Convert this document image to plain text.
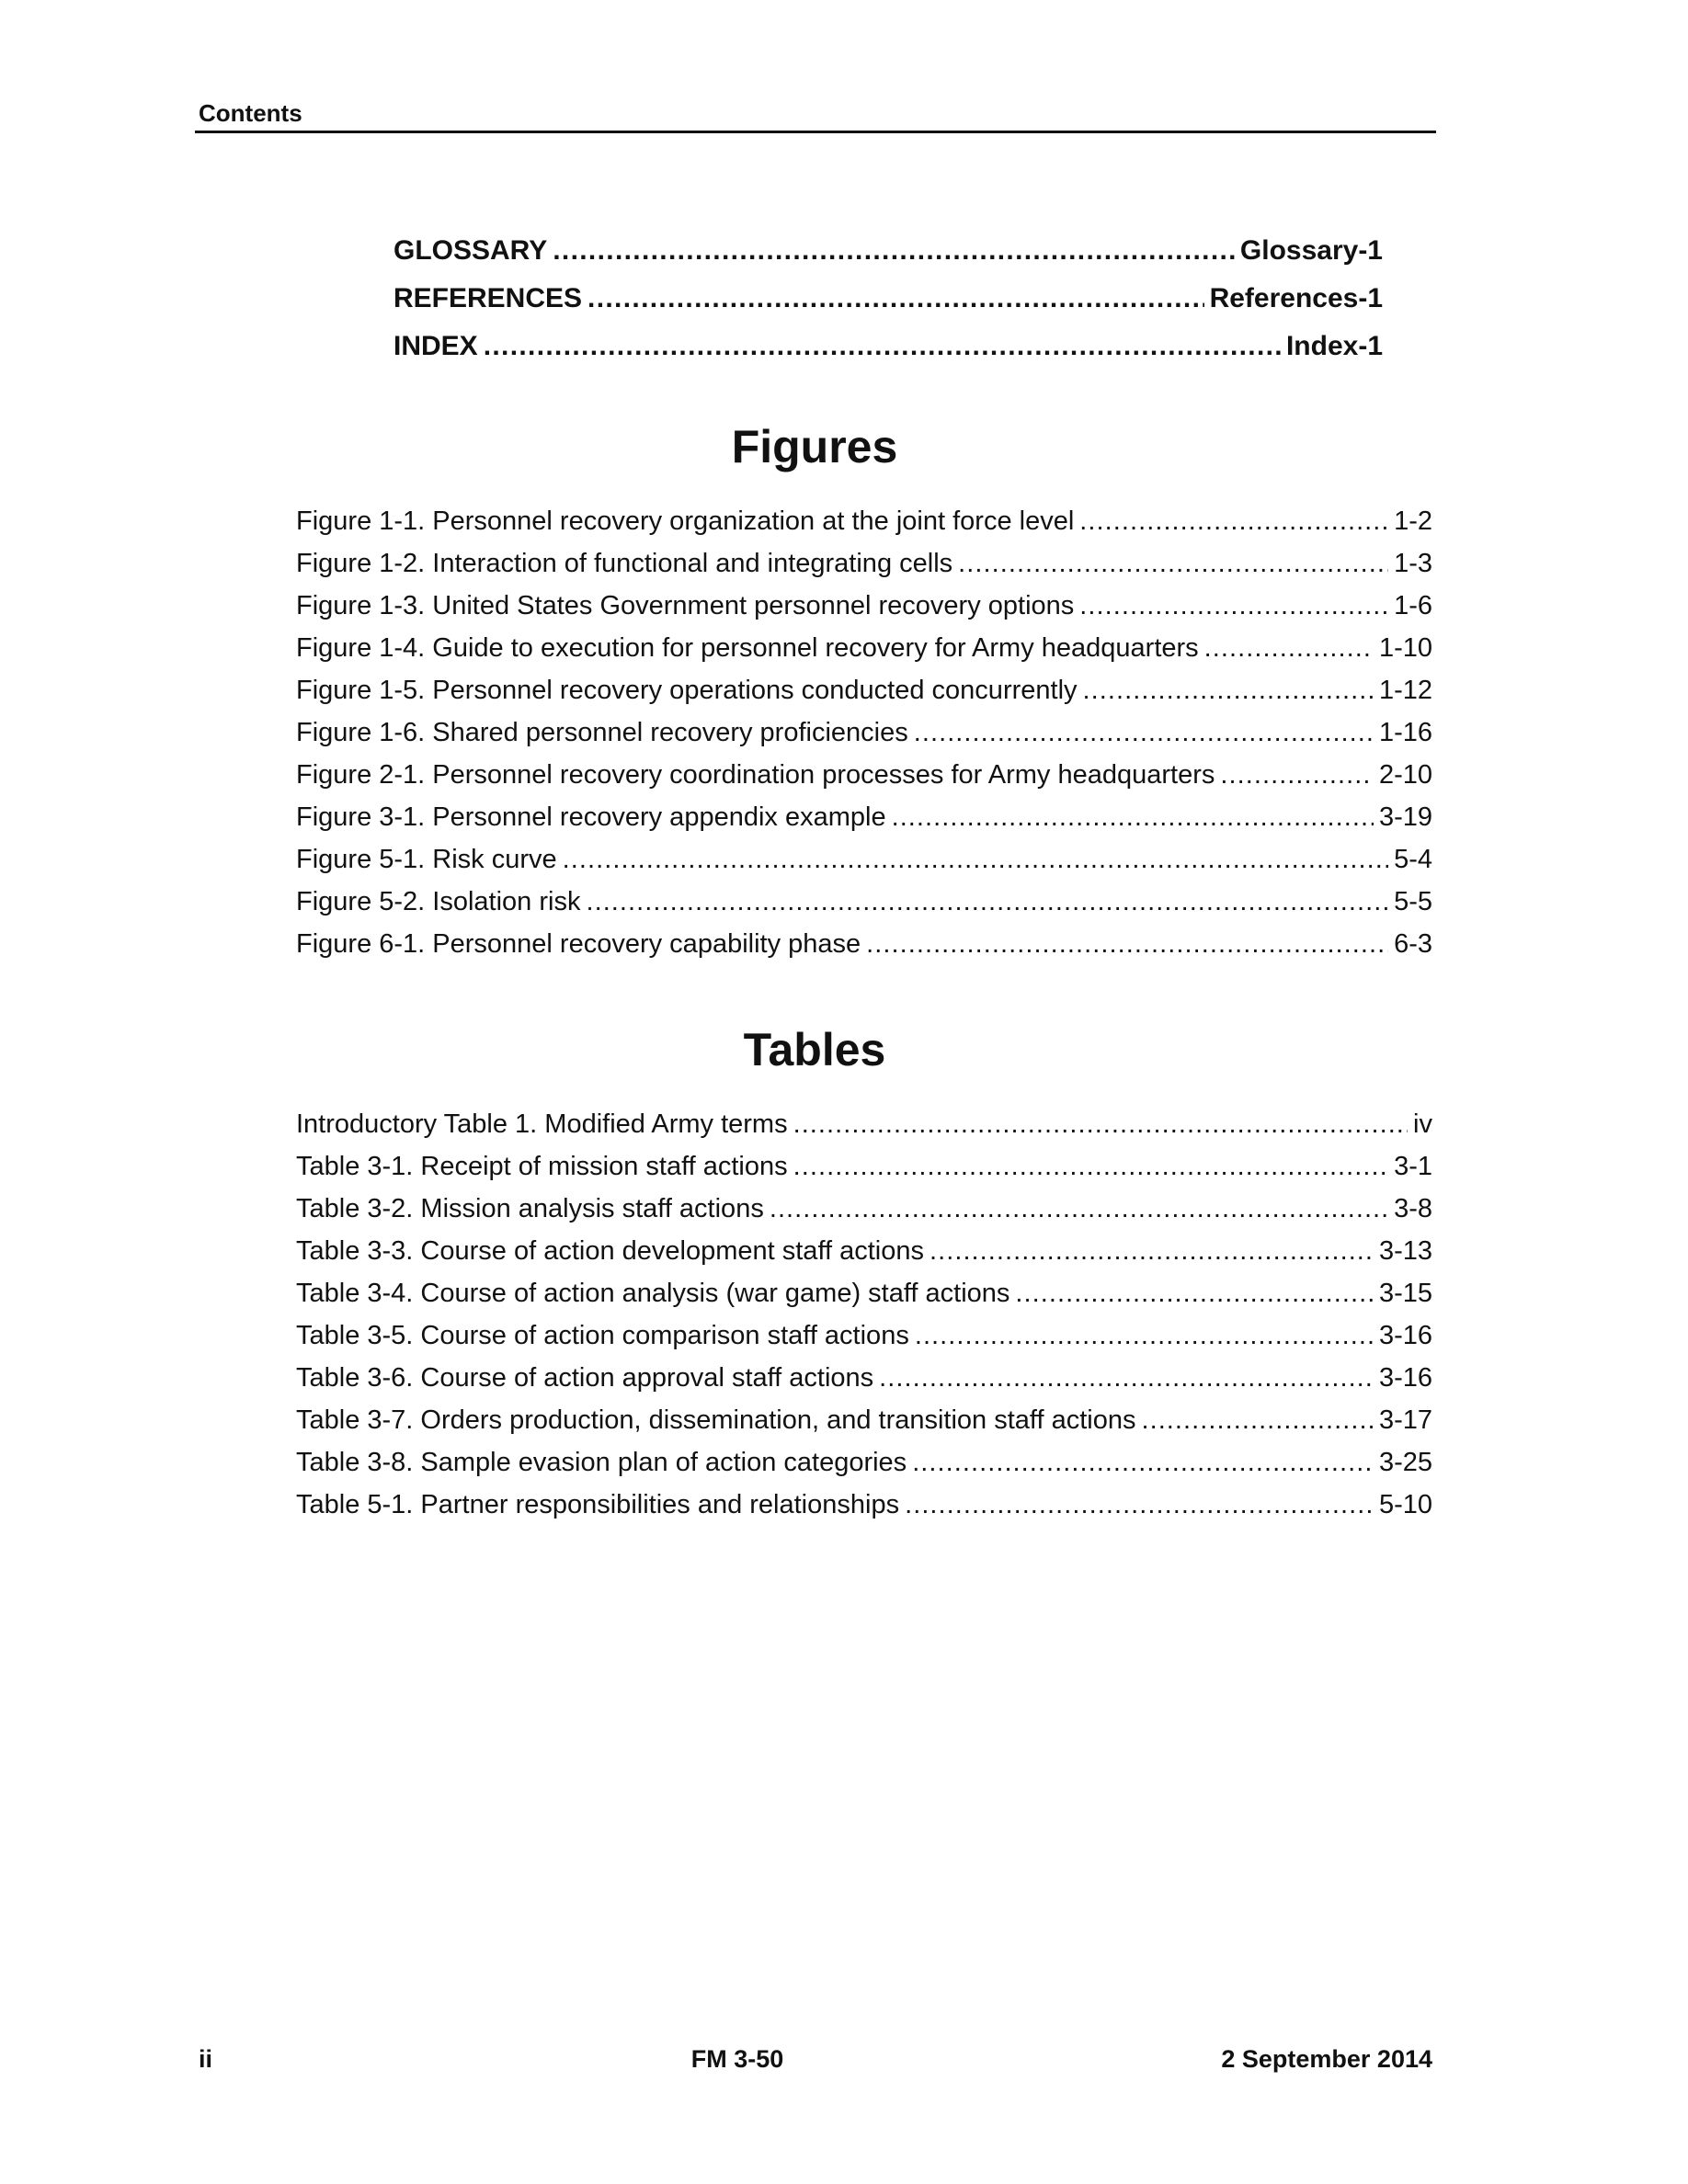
Contents
GLOSSARY . . .	Glossary-1
REFERENCES . . .	References-1
INDEX . . .	Index-1
Figures
Figure 1-1. Personnel recovery organization at the joint force level . . .	1-2
Figure 1-2. Interaction of functional and integrating cells . . .	1-3
Figure 1-3. United States Government personnel recovery options . . .	1-6
Figure 1-4. Guide to execution for personnel recovery for Army headquarters . . .	1-10
Figure 1-5. Personnel recovery operations conducted concurrently . . .	1-12
Figure 1-6. Shared personnel recovery proficiencies . . .	1-16
Figure 2-1. Personnel recovery coordination processes for Army headquarters . . .	2-10
Figure 3-1. Personnel recovery appendix example . . .	3-19
Figure 5-1. Risk curve . . .	5-4
Figure 5-2. Isolation risk . . .	5-5
Figure 6-1. Personnel recovery capability phase . . .	6-3
Tables
Introductory Table 1. Modified Army terms . . .	iv
Table 3-1. Receipt of mission staff actions . . .	3-1
Table 3-2. Mission analysis staff actions . . .	3-8
Table 3-3. Course of action development staff actions . . .	3-13
Table 3-4. Course of action analysis (war game) staff actions . . .	3-15
Table 3-5. Course of action comparison staff actions . . .	3-16
Table 3-6. Course of action approval staff actions . . .	3-16
Table 3-7. Orders production, dissemination, and transition staff actions . . .	3-17
Table 3-8. Sample evasion plan of action categories . . .	3-25
Table 5-1. Partner responsibilities and relationships . . .	5-10
ii	FM 3-50	2 September 2014
